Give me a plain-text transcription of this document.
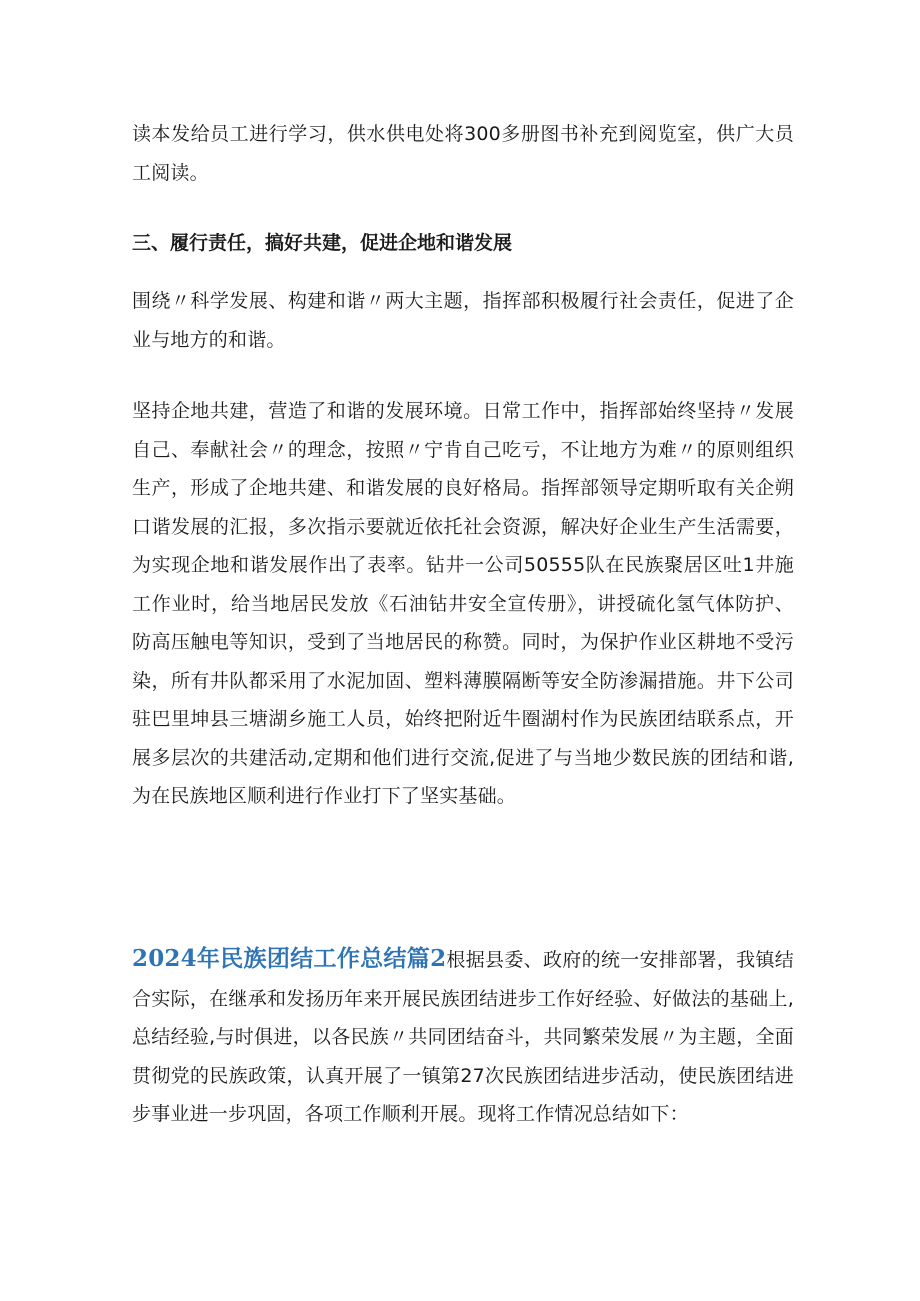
读本发给员工进行学习，供水供电处将300多册图书补充到阅览室，供广大员工阅读。

三、履行责任，搞好共建，促进企地和谐发展

围绕〃科学发展、构建和谐〃两大主题，指挥部积极履行社会责任，促进了企业与地方的和谐。

坚持企地共建，营造了和谐的发展环境。日常工作中，指挥部始终坚持〃发展自己、奉献社会〃的理念，按照〃宁肯自己吃亏，不让地方为难〃的原则组织生产，形成了企地共建、和谐发展的良好格局。指挥部领导定期听取有关企朔口谐发展的汇报，多次指示要就近依托社会资源，解决好企业生产生活需要，为实现企地和谐发展作出了表率。钻井一公司50555队在民族聚居区吐1井施工作业时，给当地居民发放《石油钻井安全宣传册》，讲授硫化氢气体防护、防高压触电等知识，受到了当地居民的称赞。同时，为保护作业区耕地不受污染，所有井队都采用了水泥加固、塑料薄膜隔断等安全防渗漏措施。井下公司驻巴里坤县三塘湖乡施工人员，始终把附近牛圈湖村作为民族团结联系点，开展多层次的共建活动,定期和他们进行交流,促进了与当地少数民族的团结和谐,为在民族地区顺利进行作业打下了坚实基础。

2024年民族团结工作总结篇2根据县委、政府的统一安排部署，我镇结合实际，在继承和发扬历年来开展民族团结进步工作好经验、好做法的基础上,总结经验,与时俱进，以各民族〃共同团结奋斗，共同繁荣发展〃为主题，全面贯彻党的民族政策，认真开展了一镇第27次民族团结进步活动，使民族团结进步事业进一步巩固，各项工作顺利开展。现将工作情况总结如下：
